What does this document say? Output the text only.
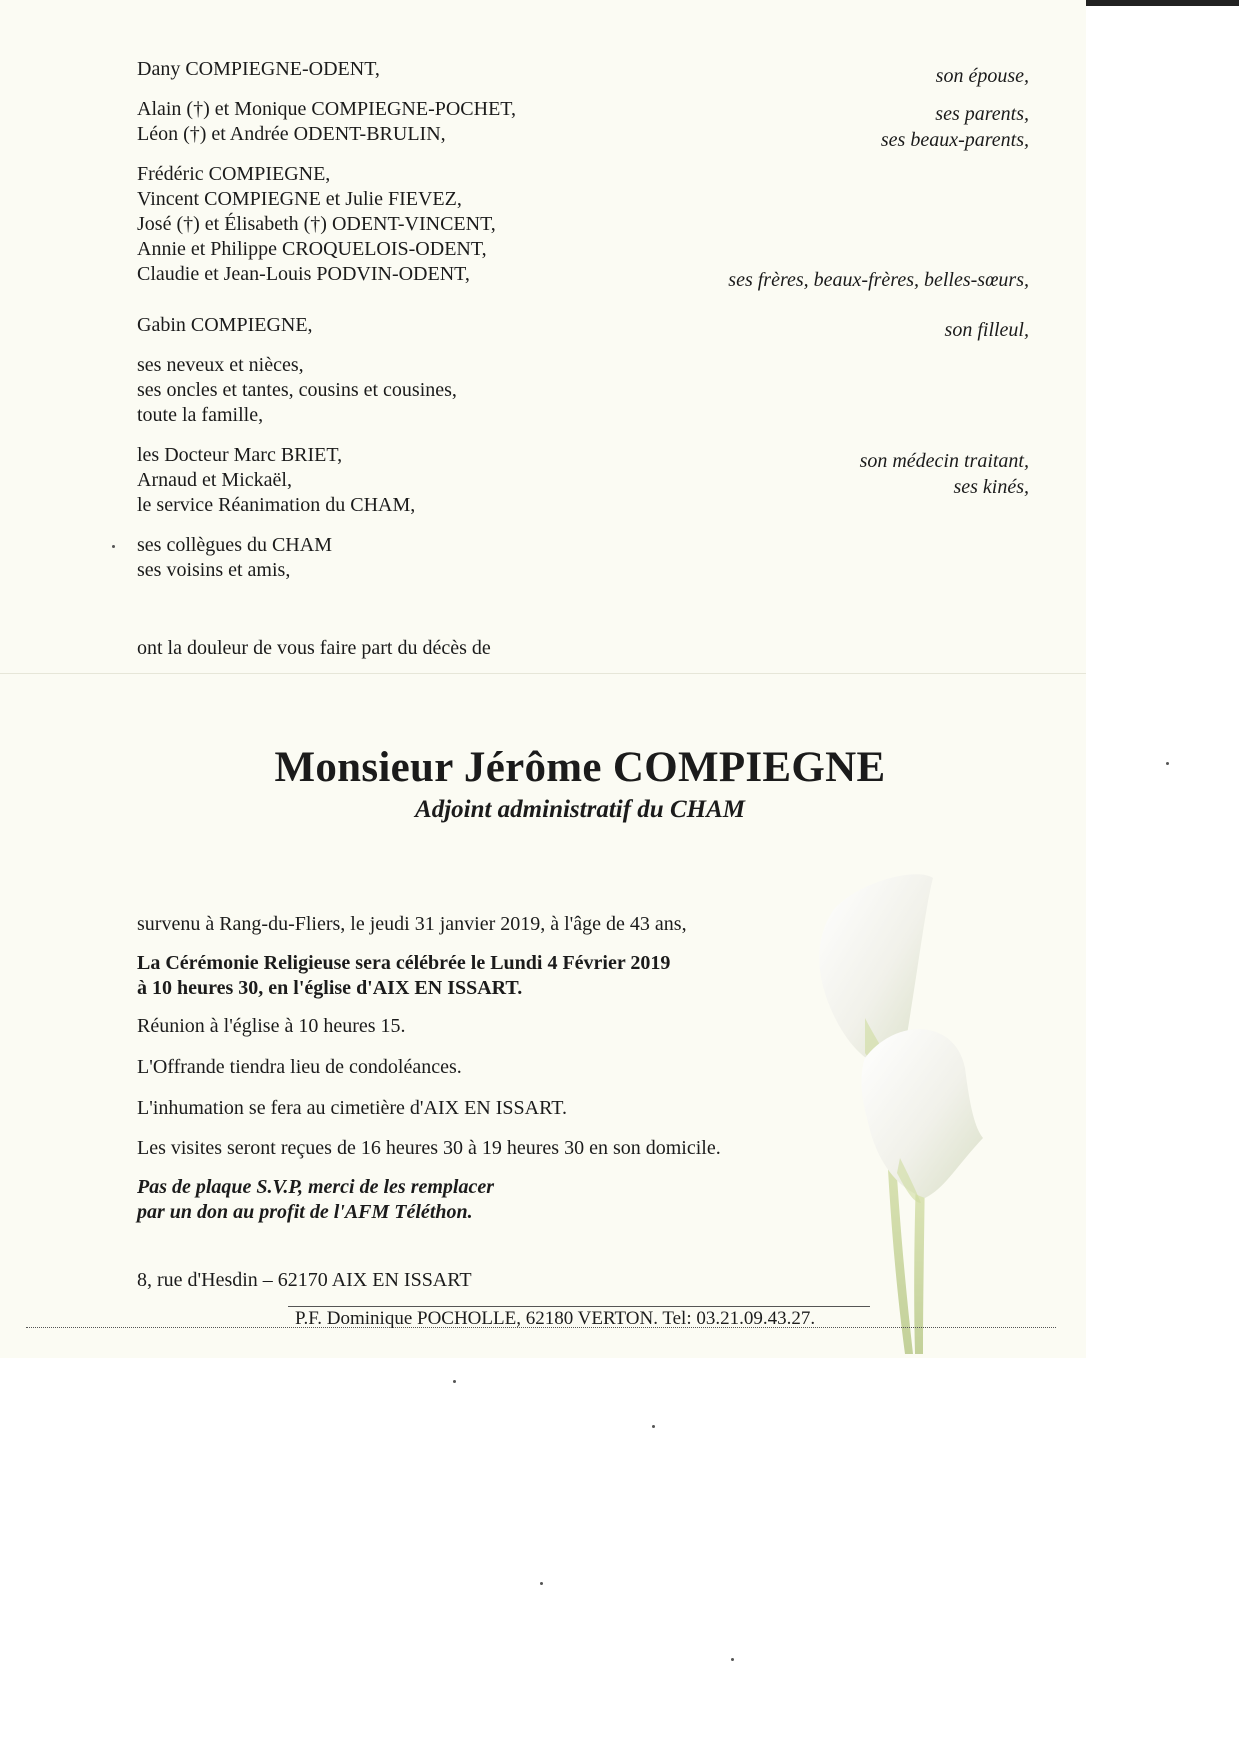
Dany COMPIEGNE-ODENT,
Alain (†) et Monique COMPIEGNE-POCHET,
Léon (†) et Andrée ODENT-BRULIN,
Frédéric COMPIEGNE,
Vincent COMPIEGNE et Julie FIEVEZ,
José (†) et Élisabeth (†) ODENT-VINCENT,
Annie et Philippe CROQUELOIS-ODENT,
Claudie et Jean-Louis PODVIN-ODENT,
Gabin COMPIEGNE,
ses neveux et nièces,
ses oncles et tantes, cousins et cousines,
toute la famille,
les Docteur Marc BRIET,
Arnaud et Mickaël,
le service Réanimation du CHAM,
ses collègues du CHAM
ses voisins et amis,
son épouse,
ses parents,
ses beaux-parents,
ses frères, beaux-frères, belles-sœurs,
son filleul,
son médecin traitant,
ses kinés,
ont la douleur de vous faire part du décès de
Monsieur Jérôme COMPIEGNE
Adjoint administratif du CHAM
survenu à Rang-du-Fliers, le jeudi 31 janvier 2019, à l'âge de 43 ans,
La Cérémonie Religieuse sera célébrée le Lundi 4 Février 2019
à 10 heures 30, en l'église d'AIX EN ISSART.
Réunion à l'église à 10 heures 15.
L'Offrande tiendra lieu de condoléances.
L'inhumation se fera au cimetière d'AIX EN ISSART.
Les visites seront reçues de 16 heures 30 à 19 heures 30 en son domicile.
Pas de plaque S.V.P, merci de les remplacer
par un don au profit de l'AFM Téléthon.
8, rue d'Hesdin – 62170 AIX EN ISSART
P.F. Dominique POCHOLLE, 62180 VERTON. Tel: 03.21.09.43.27.
